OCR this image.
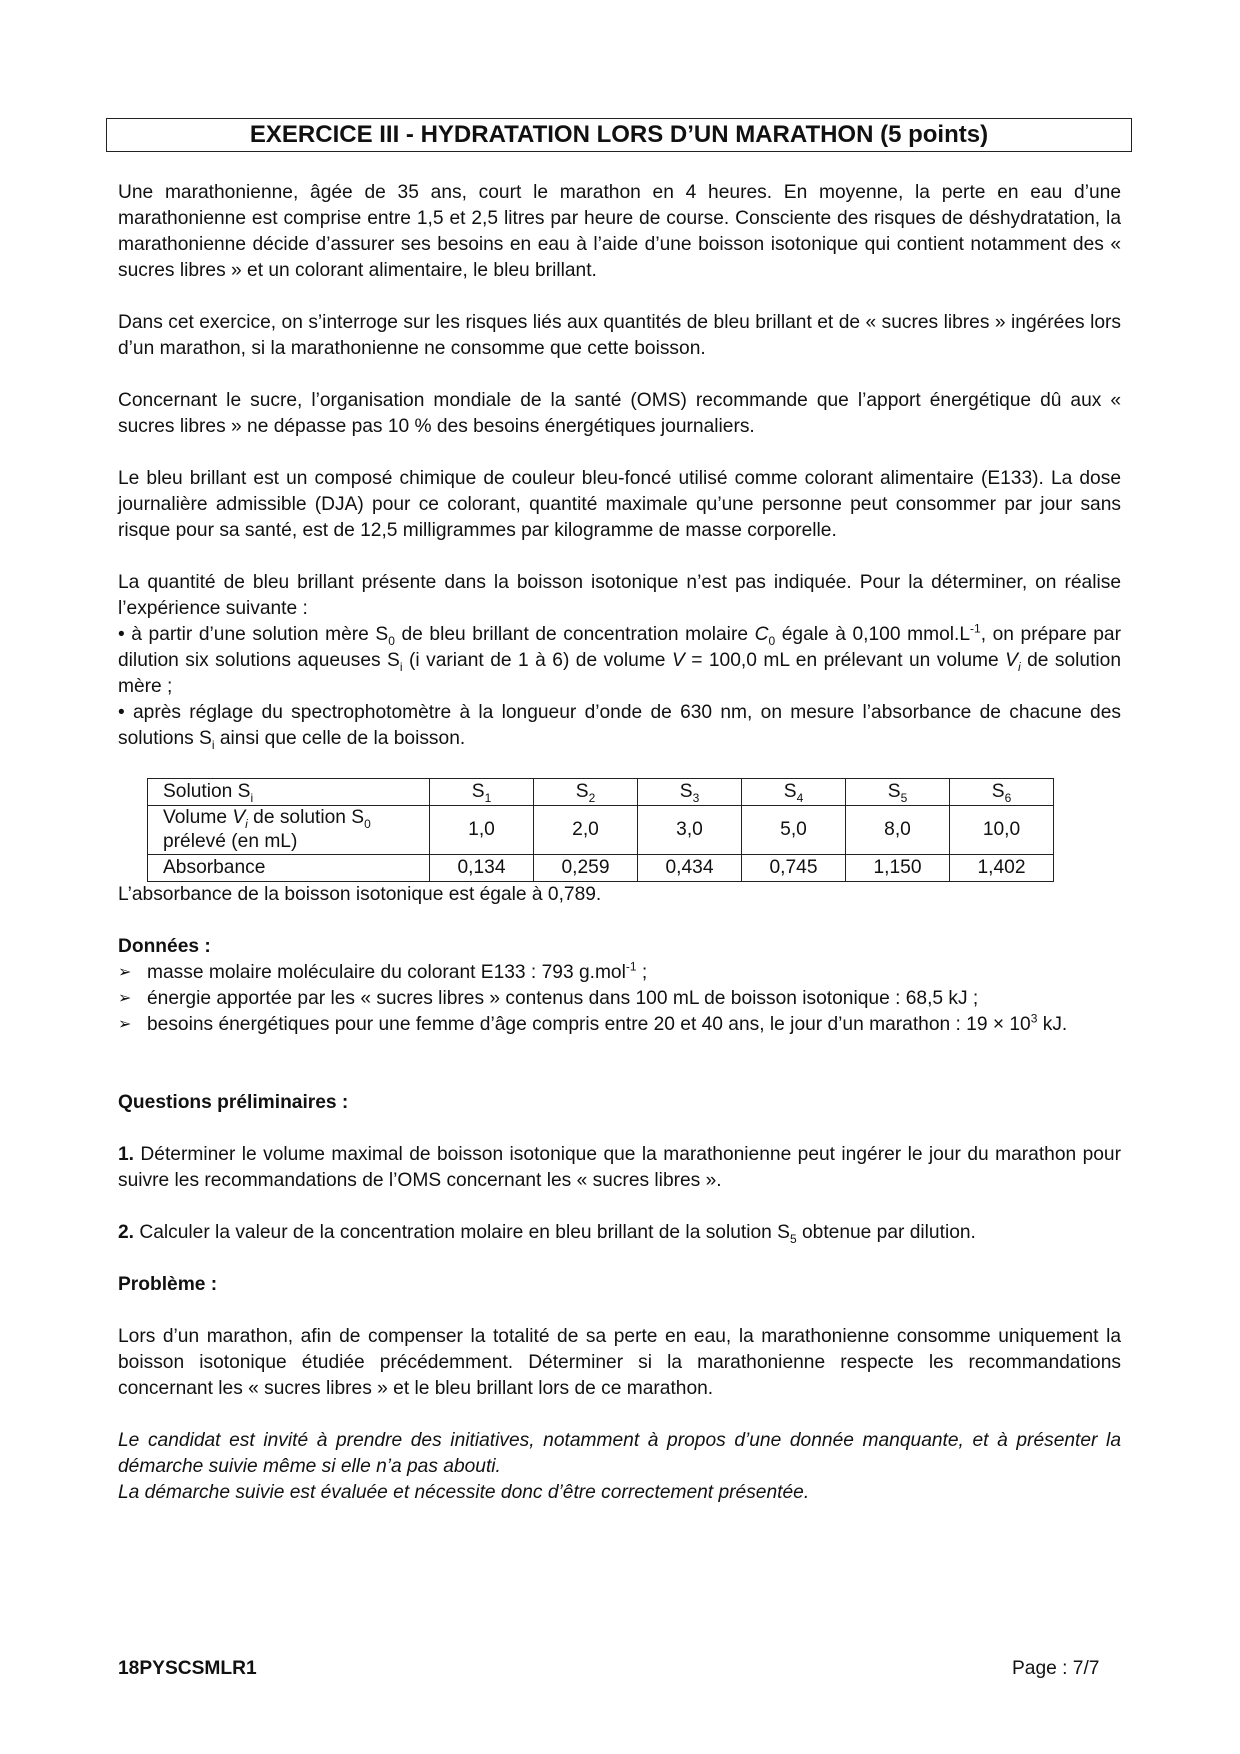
EXERCICE III - HYDRATATION LORS D’UN MARATHON (5 points)

Une marathonienne, âgée de 35 ans, court le marathon en 4 heures. En moyenne, la perte en eau d’une marathonienne est comprise entre 1,5 et 2,5 litres par heure de course. Consciente des risques de déshydratation, la marathonienne décide d’assurer ses besoins en eau à l’aide d’une boisson isotonique qui contient notamment des « sucres libres » et un colorant alimentaire, le bleu brillant.

Dans cet exercice, on s’interroge sur les risques liés aux quantités de bleu brillant et de « sucres libres » ingérées lors d’un marathon, si la marathonienne ne consomme que cette boisson.

Concernant le sucre, l’organisation mondiale de la santé (OMS) recommande que l’apport énergétique dû aux « sucres libres » ne dépasse pas 10 % des besoins énergétiques journaliers.

Le bleu brillant est un composé chimique de couleur bleu-foncé utilisé comme colorant alimentaire (E133). La dose journalière admissible (DJA) pour ce colorant, quantité maximale qu’une personne peut consommer par jour sans risque pour sa santé, est de 12,5 milligrammes par kilogramme de masse corporelle.

La quantité de bleu brillant présente dans la boisson isotonique n’est pas indiquée. Pour la déterminer, on réalise l’expérience suivante :

• à partir d’une solution mère $S_0$ de bleu brillant de concentration molaire $C_0$ égale à 0,100 $mmol.L^{-1}$, on prépare par dilution six solutions aqueuses $S_i$ (i variant de 1 à 6) de volume V = 100,0 mL en prélevant un volume $V_i$ de solution mère ;

• après réglage du spectrophotomètre à la longueur d’onde de 630 nm, on mesure l’absorbance de chacune des solutions $S_i$ ainsi que celle de la boisson.

Solution $S_i$	$S_1$	$S_2$	$S_3$	$S_4$	$S_5$	$S_6$
Volume $V_i$ de solution $S_0$
prélevé (en mL)	1,0	2,0	3,0	5,0	8,0	10,0
Absorbance	0,134	0,259	0,434	0,745	1,150	1,402

L’absorbance de la boisson isotonique est égale à 0,789.

Données :

➢ masse molaire moléculaire du colorant E133 : 793 g.mol$^{-1}$ ;
➢ énergie apportée par les « sucres libres » contenus dans 100 mL de boisson isotonique : 68,5 kJ ;
➢ besoins énergétiques pour une femme d’âge compris entre 20 et 40 ans, le jour d’un marathon : $19 \times 10^3$ kJ.

Questions préliminaires :

1. Déterminer le volume maximal de boisson isotonique que la marathonienne peut ingérer le jour du marathon pour suivre les recommandations de l’OMS concernant les « sucres libres ».

2. Calculer la valeur de la concentration molaire en bleu brillant de la solution $S_5$ obtenue par dilution.

Problème :

Lors d’un marathon, afin de compenser la totalité de sa perte en eau, la marathonienne consomme uniquement la boisson isotonique étudiée précédemment. Déterminer si la marathonienne respecte les recommandations concernant les « sucres libres » et le bleu brillant lors de ce marathon.

Le candidat est invité à prendre des initiatives, notamment à propos d’une donnée manquante, et à présenter la démarche suivie même si elle n’a pas abouti.

La démarche suivie est évaluée et nécessite donc d’être correctement présentée.

18PYSCSMLR1	Page : 7/7
